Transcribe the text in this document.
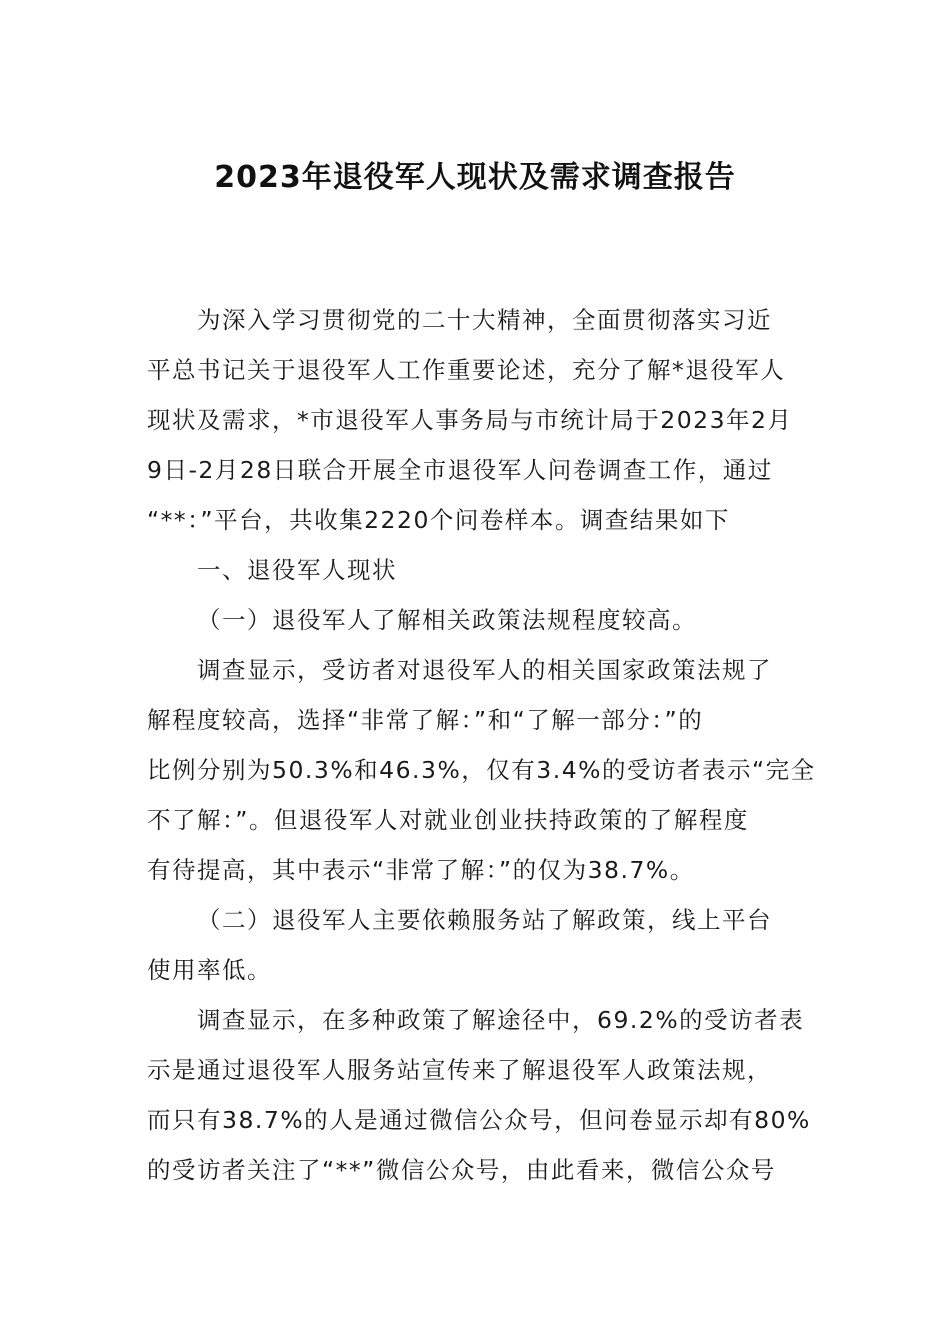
2023年退役军人现状及需求调查报告
为深入学习贯彻党的二十大精神，全面贯彻落实习近
平总书记关于退役军人工作重要论述，充分了解*退役军人
现状及需求，*市退役军人事务局与市统计局于2023年2月
9日-2月28日联合开展全市退役军人问卷调查工作，通过
“**：”平台，共收集2220个问卷样本。调查结果如下
一、退役军人现状
（一）退役军人了解相关政策法规程度较高。
调查显示，受访者对退役军人的相关国家政策法规了
解程度较高，选择“非常了解：”和“了解一部分：”的
比例分别为50.3%和46.3%，仅有3.4%的受访者表示“完全
不了解：”。但退役军人对就业创业扶持政策的了解程度
有待提高，其中表示“非常了解：”的仅为38.7%。
（二）退役军人主要依赖服务站了解政策，线上平台
使用率低。
调查显示，在多种政策了解途径中，69.2%的受访者表
示是通过退役军人服务站宣传来了解退役军人政策法规，
而只有38.7%的人是通过微信公众号，但问卷显示却有80%
的受访者关注了“**”微信公众号，由此看来，微信公众号
